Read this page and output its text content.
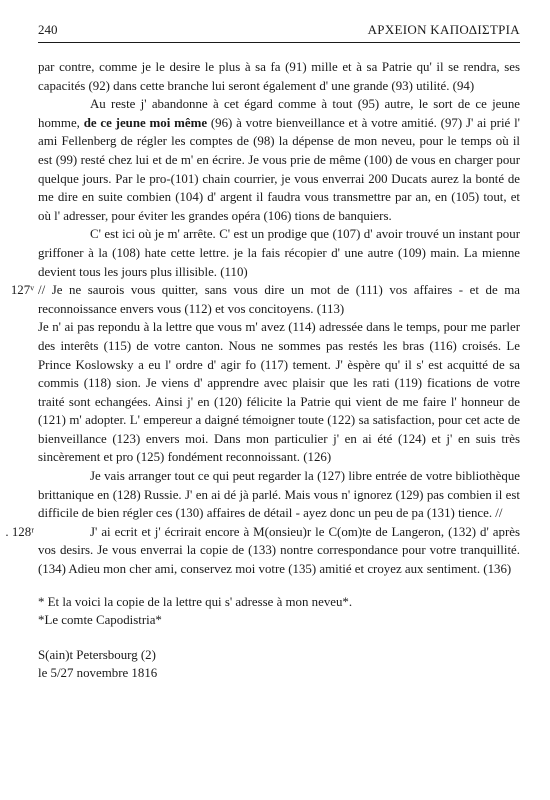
240	ΑΡΧΕΙΟΝ ΚΑΠΟΔΙΣΤΡΙΑ

par contre, comme je le desire le plus à sa fa (91) mille et à sa Patrie qu' il se rendra, ses capacités (92) dans cette branche lui seront également d' une grande (93) utilité. (94)

Au reste j' abandonne à cet égard comme à tout (95) autre, le sort de ce jeune homme, de ce jeune moi même (96) à votre bienveillance et à votre amitié. (97) J' ai prié l' ami Fellenberg de régler les comptes de (98) la dépense de mon neveu, pour le temps où il est (99) resté chez lui et de m' en écrire. Je vous prie de même (100) de vous en charger pour quelque jours. Par le pro-(101) chain courrier, je vous enverrai 200 Ducats aurez la bonté de me dire en suite combien (104) d' argent il faudra vous transmettre par an, en (105) tout, et où l' adresser, pour éviter les grandes opéra (106) tions de banquiers.

C' est ici où je m' arrête. C' est un prodige que (107) d' avoir trouvé un instant pour griffoner à la (108) hate cette lettre. je la fais récopier d' une autre (109) main. La mienne devient tous les jours plus illisible. (110)

127ᵛ // Je ne saurois vous quitter, sans vous dire un mot de (111) vos affaires - et de ma reconnoissance envers vous (112) et vos concitoyens. (113)

Je n' ai pas repondu à la lettre que vous m' avez (114) adressée dans le temps, pour me parler des interêts (115) de votre canton. Nous ne sommes pas restés les bras (116) croisés. Le Prince Koslowsky a eu l' ordre d' agir fo (117) tement. J' èspère qu' il s' est acquitté de sa commis (118) sion. Je viens d' apprendre avec plaisir que les rati (119) fications de votre traité sont echangées. Ainsi j' en (120) félicite la Patrie qui vient de me faire l' honneur de (121) m' adopter. L' empereur a daigné témoigner toute (122) sa satisfaction, pour cet acte de bienveillance (123) envers moi. Dans mon particulier j' en ai été (124) et j' en suis très sincèrement et pro (125) fondément reconnoissant. (126)

. 128ʳ

Je vais arranger tout ce qui peut regarder la (127) libre entrée de votre bibliothèque brittanique en (128) Russie. J' en ai dé jà parlé. Mais vous n' ignorez (129) pas combien il est difficile de bien régler ces (130) affaires de détail - ayez donc un peu de pa (131) tience. //

J' ai ecrit et j' écrirait encore à M(onsieu)r le C(om)te de Langeron, (132) d' après vos desirs. Je vous enverrai la copie de (133) nontre correspondance pour votre tranquillité. (134) Adieu mon cher ami, conservez moi votre (135) amitié et croyez aux sentiment. (136)

* Et la voici la copie de la lettre qui s' adresse à mon neveu*.

*Le comte Capodistria*

S(ain)t Petersbourg (2)

le 5/27 novembre 1816
